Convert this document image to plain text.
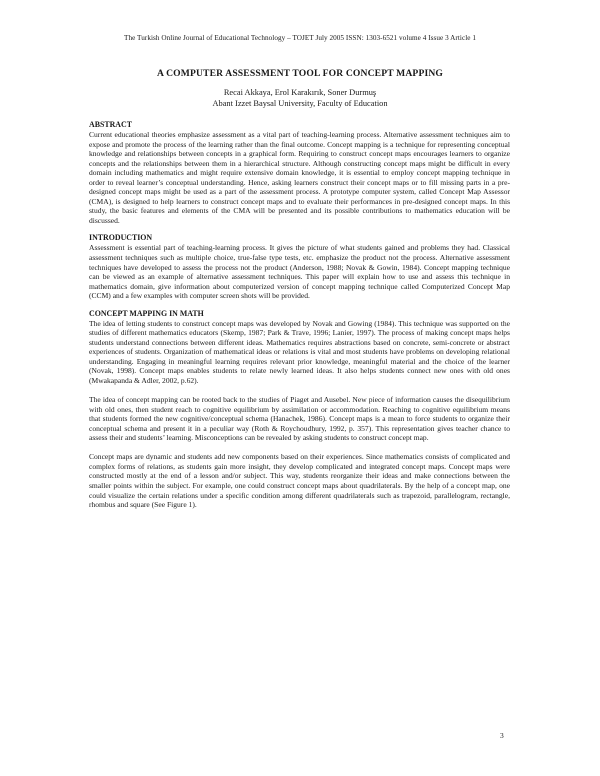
The Turkish Online Journal of Educational Technology – TOJET July 2005 ISSN: 1303-6521 volume 4 Issue 3 Article 1
A COMPUTER ASSESSMENT TOOL FOR CONCEPT MAPPING
Recai Akkaya, Erol Karakırık, Soner Durmuş
Abant Izzet Baysal University, Faculty of Education
ABSTRACT

Current educational theories emphasize assessment as a vital part of teaching-learning process. Alternative assessment techniques aim to expose and promote the process of the learning rather than the final outcome. Concept mapping is a technique for representing conceptual knowledge and relationships between concepts in a graphical form. Requiring to construct concept maps encourages learners to organize concepts and the relationships between them in a hierarchical structure. Although constructing concept maps might be difficult in every domain including mathematics and might require extensive domain knowledge, it is essential to employ concept mapping technique in order to reveal learner’s conceptual understanding. Hence, asking learners construct their concept maps or to fill missing parts in a pre-designed concept maps might be used as a part of the assessment process. A prototype computer system, called Concept Map Assessor (CMA), is designed to help learners to construct concept maps and to evaluate their performances in pre-designed concept maps. In this study, the basic features and elements of the CMA will be presented and its possible contributions to mathematics education will be discussed.

INTRODUCTION

Assessment is essential part of teaching-learning process. It gives the picture of what students gained and problems they had. Classical assessment techniques such as multiple choice, true-false type tests, etc. emphasize the product not the process. Alternative assessment techniques have developed to assess the process not the product (Anderson, 1988; Novak & Gowin, 1984). Concept mapping technique can be viewed as an example of alternative assessment techniques. This paper will explain how to use and assess this technique in mathematics domain, give information about computerized version of concept mapping technique called Computerized Concept Map (CCM) and a few examples with computer screen shots will be provided.

CONCEPT MAPPING IN MATH

The idea of letting students to construct concept maps was developed by Novak and Gowing (1984). This technique was supported on the studies of different mathematics educators (Skemp, 1987; Park & Trave, 1996; Lanier, 1997). The process of making concept maps helps students understand connections between different ideas. Mathematics requires abstractions based on concrete, semi-concrete or abstract experiences of students. Organization of mathematical ideas or relations is vital and most students have problems on developing relational understanding. Engaging in meaningful learning requires relevant prior knowledge, meaningful material and the choice of the learner (Novak, 1998). Concept maps enables students to relate newly learned ideas. It also helps students connect new ones with old ones (Mwakapanda & Adler, 2002, p.62).

The idea of concept mapping can be rooted back to the studies of Piaget and Ausebel. New piece of information causes the disequilibrium with old ones, then student reach to cognitive equilibrium by assimilation or accommodation. Reaching to cognitive equilibrium means that students formed the new cognitive/conceptual schema (Hanachek, 1986). Concept maps is a mean to force students to organize their conceptual schema and present it in a peculiar way (Roth & Roychoudhury, 1992, p. 357). This representation gives teacher chance to assess their and students’ learning. Misconceptions can be revealed by asking students to construct concept map.

Concept maps are dynamic and students add new components based on their experiences. Since mathematics consists of complicated and complex forms of relations, as students gain more insight, they develop complicated and integrated concept maps. Concept maps were constructed mostly at the end of a lesson and/or subject. This way, students reorganize their ideas and make connections between the smaller points within the subject. For example, one could construct concept maps about quadrilaterals. By the help of a concept map, one could visualize the certain relations under a specific condition among different quadrilaterals such as trapezoid, parallelogram, rectangle, rhombus and square (See Figure 1).

3
